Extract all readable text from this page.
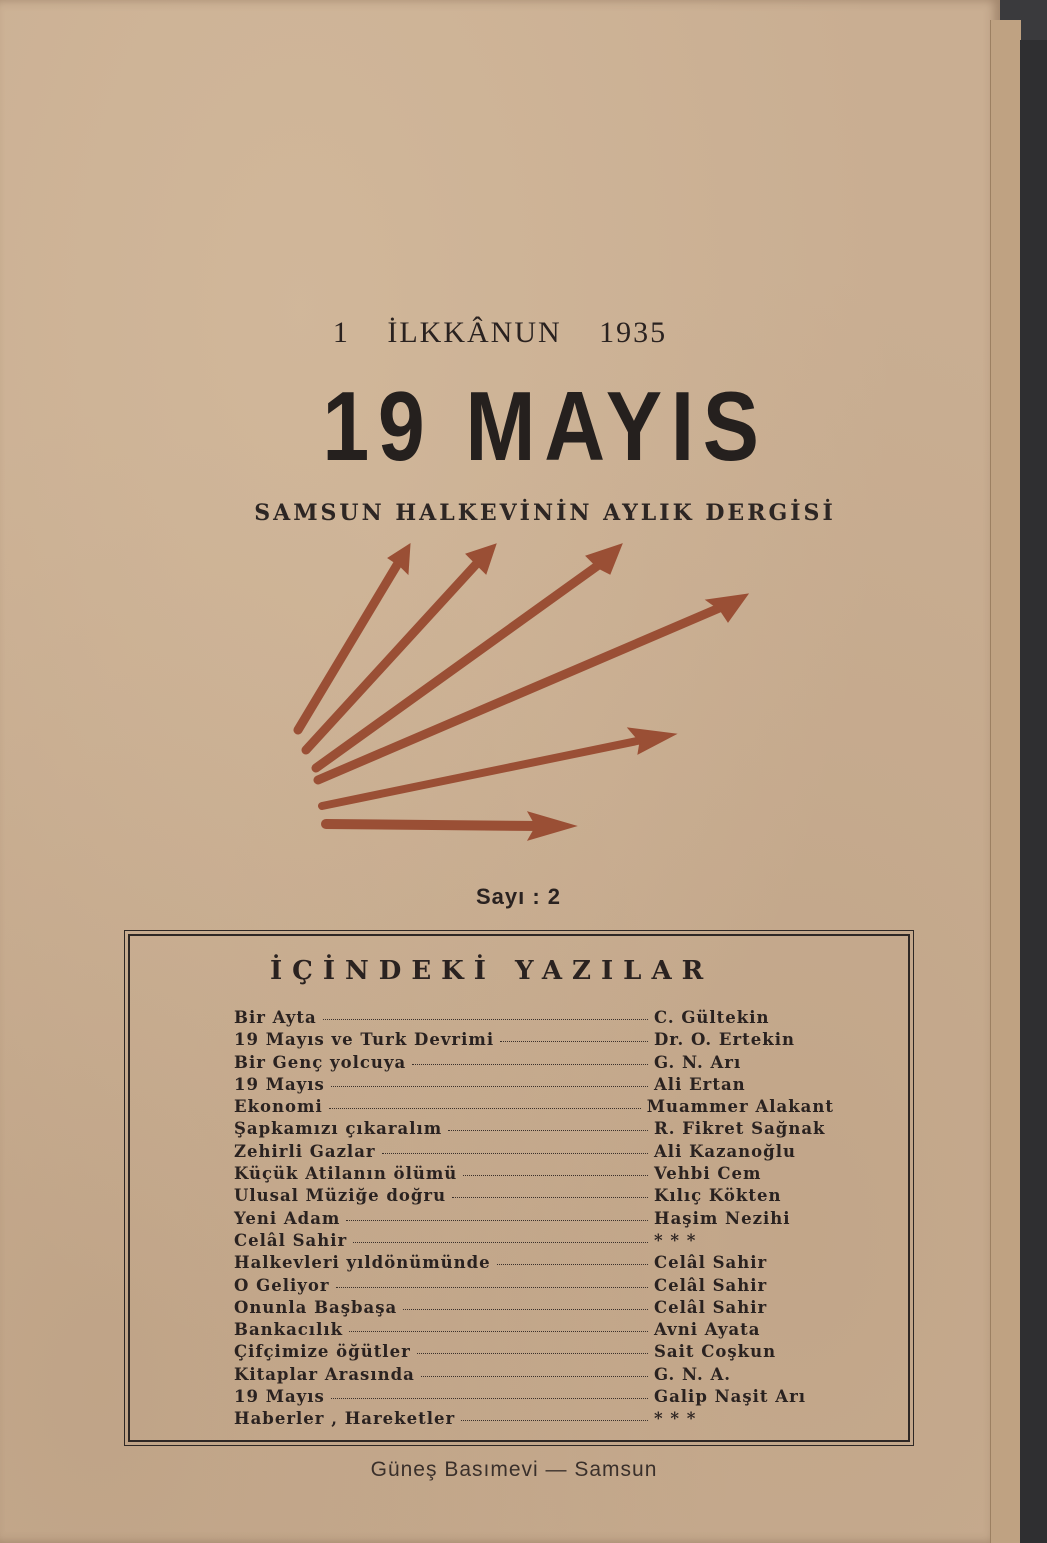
1 İLKKÂNUN 1935
19 MAYIS
SAMSUN HALKEVİNİN AYLIK DERGİSİ
Sayı : 2
İÇİNDEKİ YAZILAR
Bir Ayta	C. Gültekin
19 Mayıs ve Turk Devrimi	Dr. O. Ertekin
Bir Genç yolcuya	G. N. Arı
19 Mayıs	Ali Ertan
Ekonomi	Muammer Alakant
Şapkamızı çıkaralım	R. Fikret Sağnak
Zehirli Gazlar	Ali Kazanoğlu
Küçük Atilanın ölümü	Vehbi Cem
Ulusal Müziğe doğru	Kılıç Kökten
Yeni Adam	Haşim Nezihi
Celâl Sahir	* * *
Halkevleri yıldönümünde	Celâl Sahir
O Geliyor	Celâl Sahir
Onunla Başbaşa	Celâl Sahir
Bankacılık	Avni Ayata
Çifçimize öğütler	Sait Coşkun
Kitaplar Arasında	G. N. A.
19 Mayıs	Galip Naşit Arı
Haberler , Hareketler	* * *
Güneş Basımevi — Samsun
